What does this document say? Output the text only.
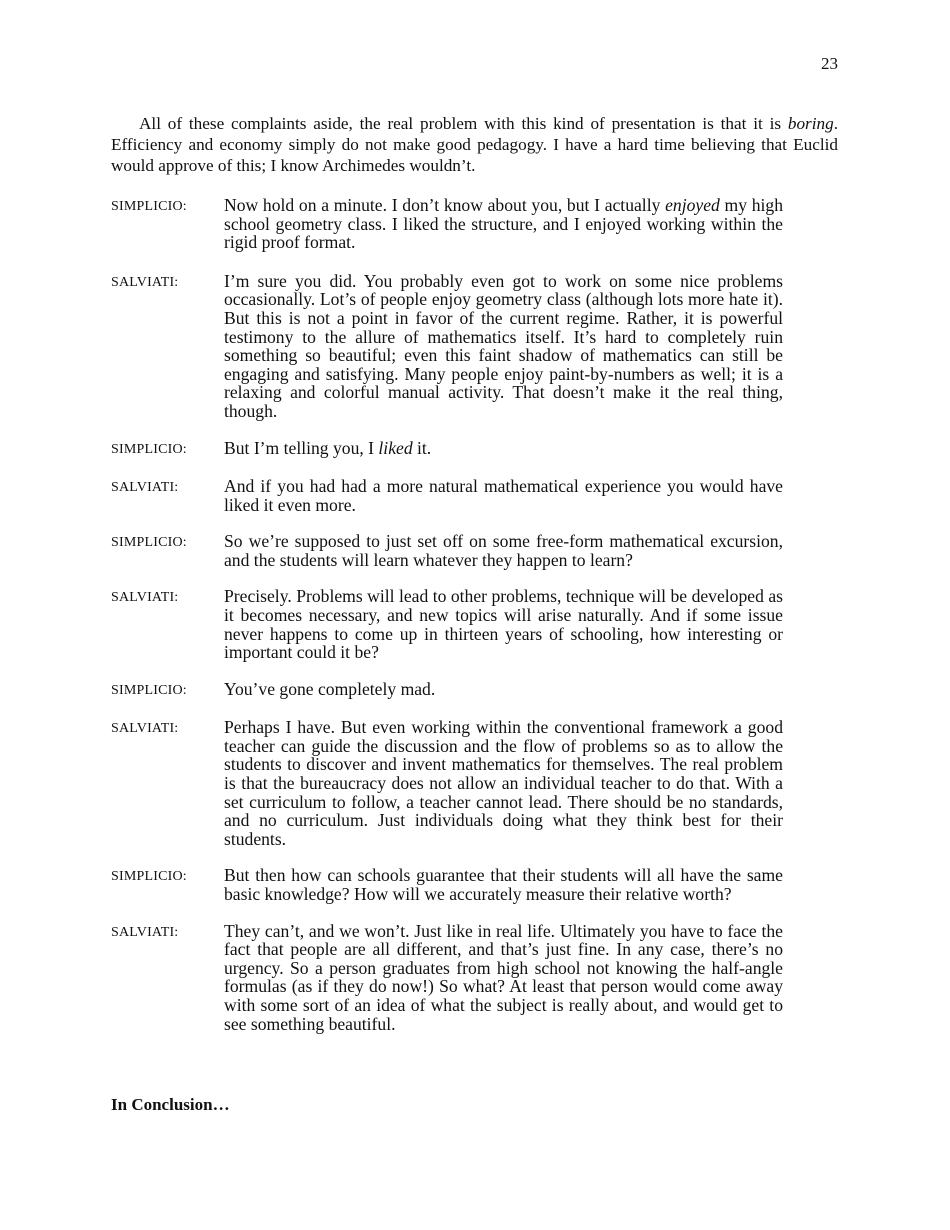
23

All of these complaints aside, the real problem with this kind of presentation is that it is boring. Efficiency and economy simply do not make good pedagogy. I have a hard time believing that Euclid would approve of this; I know Archimedes wouldn’t.

SIMPLICIO:	Now hold on a minute. I don’t know about you, but I actually enjoyed my high school geometry class. I liked the structure, and I enjoyed working within the rigid proof format.

SALVIATI:	I’m sure you did. You probably even got to work on some nice problems occasionally. Lot’s of people enjoy geometry class (although lots more hate it). But this is not a point in favor of the current regime. Rather, it is powerful testimony to the allure of mathematics itself. It’s hard to completely ruin something so beautiful; even this faint shadow of mathematics can still be engaging and satisfying. Many people enjoy paint-by-numbers as well; it is a relaxing and colorful manual activity. That doesn’t make it the real thing, though.

SIMPLICIO:	But I’m telling you, I liked it.

SALVIATI:	And if you had had a more natural mathematical experience you would have liked it even more.

SIMPLICIO:	So we’re supposed to just set off on some free-form mathematical excursion, and the students will learn whatever they happen to learn?

SALVIATI:	Precisely. Problems will lead to other problems, technique will be developed as it becomes necessary, and new topics will arise naturally. And if some issue never happens to come up in thirteen years of schooling, how interesting or important could it be?

SIMPLICIO:	You’ve gone completely mad.

SALVIATI:	Perhaps I have. But even working within the conventional framework a good teacher can guide the discussion and the flow of problems so as to allow the students to discover and invent mathematics for themselves. The real problem is that the bureaucracy does not allow an individual teacher to do that. With a set curriculum to follow, a teacher cannot lead. There should be no standards, and no curriculum. Just individuals doing what they think best for their students.

SIMPLICIO:	But then how can schools guarantee that their students will all have the same basic knowledge? How will we accurately measure their relative worth?

SALVIATI:	They can’t, and we won’t. Just like in real life. Ultimately you have to face the fact that people are all different, and that’s just fine. In any case, there’s no urgency. So a person graduates from high school not knowing the half-angle formulas (as if they do now!) So what? At least that person would come away with some sort of an idea of what the subject is really about, and would get to see something beautiful.

In Conclusion…
